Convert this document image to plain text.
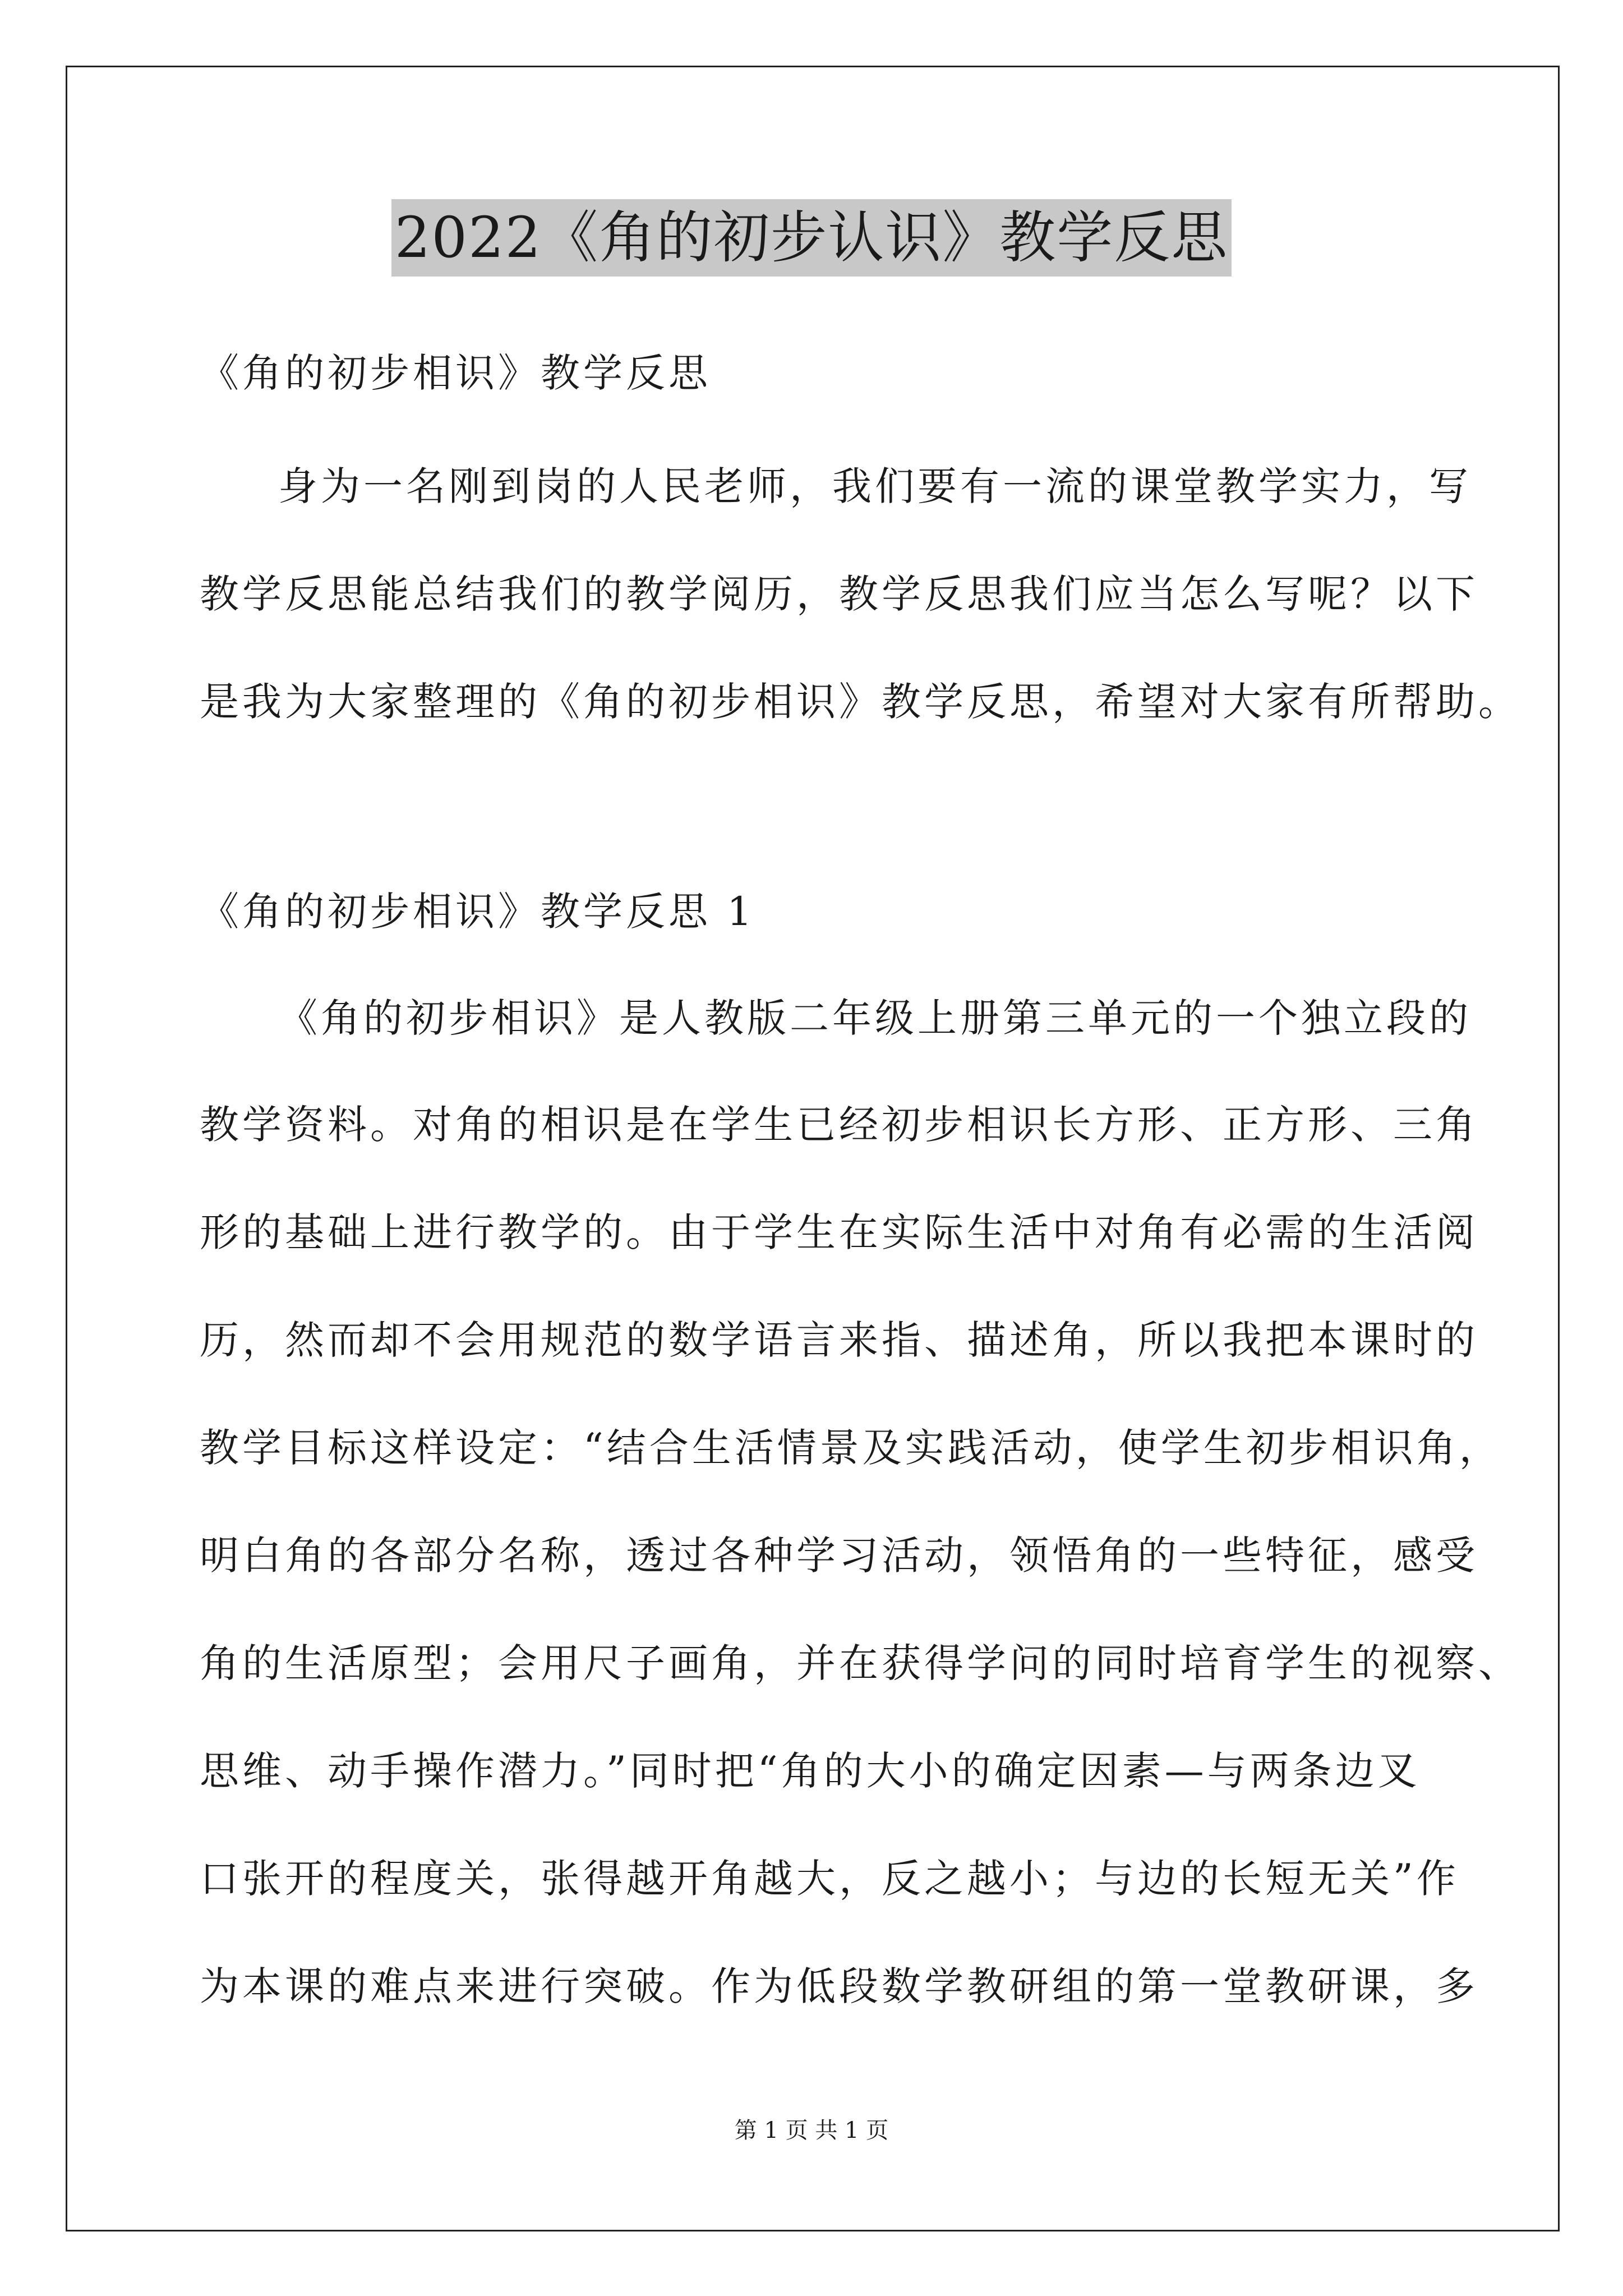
2022《角的初步认识》教学反思
《角的初步相识》教学反思
身为一名刚到岗的人民老师，我们要有一流的课堂教学实力，写
教学反思能总结我们的教学阅历，教学反思我们应当怎么写呢？以下
是我为大家整理的《角的初步相识》教学反思，希望对大家有所帮助。
《角的初步相识》教学反思 1
《角的初步相识》是人教版二年级上册第三单元的一个独立段的
教学资料。对角的相识是在学生已经初步相识长方形、正方形、三角
形的基础上进行教学的。由于学生在实际生活中对角有必需的生活阅
历，然而却不会用规范的数学语言来指、描述角，所以我把本课时的
教学目标这样设定：“结合生活情景及实践活动，使学生初步相识角，
明白角的各部分名称，透过各种学习活动，领悟角的一些特征，感受
角的生活原型；会用尺子画角，并在获得学问的同时培育学生的视察、
思维、动手操作潜力。”同时把“角的大小的确定因素—与两条边叉
口张开的程度关，张得越开角越大，反之越小；与边的长短无关”作
为本课的难点来进行突破。作为低段数学教研组的第一堂教研课，多
第 1 页 共 1 页
